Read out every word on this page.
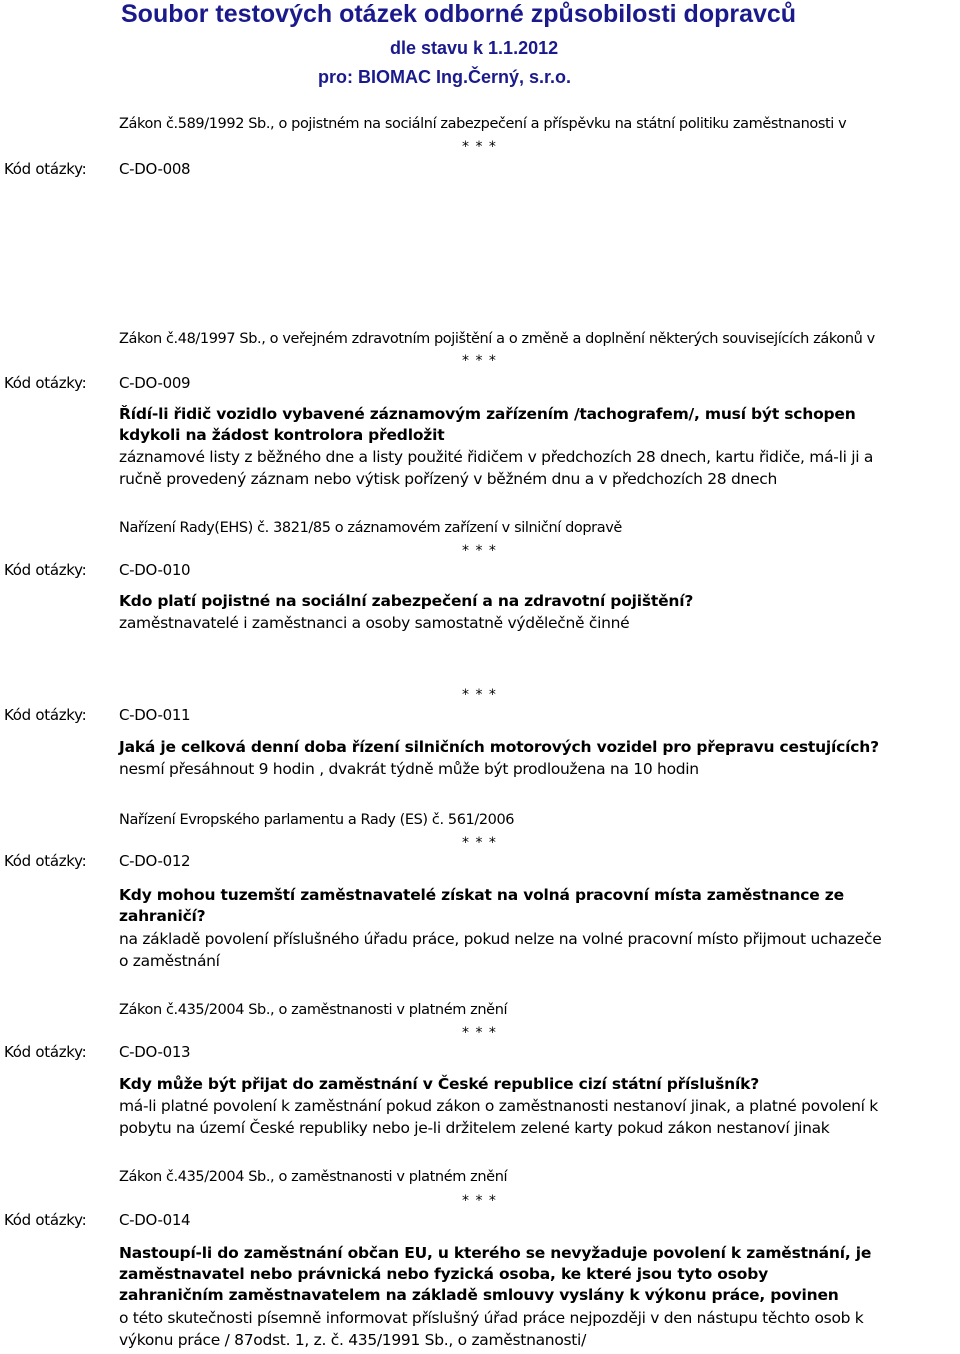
Soubor testových otázek odborné způsobilosti dopravců
dle stavu k 1.1.2012
pro: BIOMAC Ing.Černý, s.r.o.
Zákon č.589/1992 Sb., o pojistném na sociální zabezpečení a příspěvku na státní politiku zaměstnanosti v
* * *
Kód otázky: C-DO-008
Zákon č.48/1997 Sb., o veřejném zdravotním pojištění a o změně a doplnění některých souvisejících zákonů v
* * *
Kód otázky: C-DO-009
Řídí-li řidič vozidlo vybavené záznamovým zařízením /tachografem/, musí být schopen
kdykoli na žádost kontrolora předložit
záznamové listy z běžného dne a listy použité řidičem v předchozích 28 dnech, kartu řidiče, má-li ji a
ručně provedený záznam nebo výtisk pořízený v běžném dnu a v předchozích 28 dnech
Nařízení Rady(EHS) č. 3821/85 o záznamovém zařízení v silniční dopravě
* * *
Kód otázky: C-DO-010
Kdo platí pojistné na sociální zabezpečení a na zdravotní pojištění?
zaměstnavatelé i zaměstnanci a osoby samostatně výdělečně činné
* * *
Kód otázky: C-DO-011
Jaká je celková denní doba řízení silničních motorových vozidel pro přepravu cestujících?
nesmí přesáhnout 9 hodin , dvakrát týdně může být prodloužena na 10 hodin
Nařízení Evropského parlamentu a Rady (ES) č. 561/2006
* * *
Kód otázky: C-DO-012
Kdy mohou tuzemští zaměstnavatelé získat na volná pracovní místa zaměstnance ze
zahraničí?
na základě povolení příslušného úřadu práce, pokud nelze na volné pracovní místo přijmout uchazeče
o zaměstnání
Zákon č.435/2004 Sb., o zaměstnanosti v platném znění
* * *
Kód otázky: C-DO-013
Kdy může být přijat do zaměstnání v České republice cizí státní příslušník?
má-li platné povolení k zaměstnání pokud zákon o zaměstnanosti nestanoví jinak, a platné povolení k
pobytu na území České republiky nebo je-li držitelem zelené karty pokud zákon nestanoví jinak
Zákon č.435/2004 Sb., o zaměstnanosti v platném znění
* * *
Kód otázky: C-DO-014
Nastoupí-li do zaměstnání občan EU, u kterého se nevyžaduje povolení k zaměstnání, je
zaměstnavatel nebo právnická nebo fyzická osoba, ke které jsou tyto osoby
zahraničním zaměstnavatelem na základě smlouvy vyslány k výkonu práce, povinen
o této skutečnosti písemně informovat příslušný úřad práce nejpozději v den nástupu těchto osob k
výkonu práce / 87odst. 1, z. č. 435/1991 Sb., o zaměstnanosti/
